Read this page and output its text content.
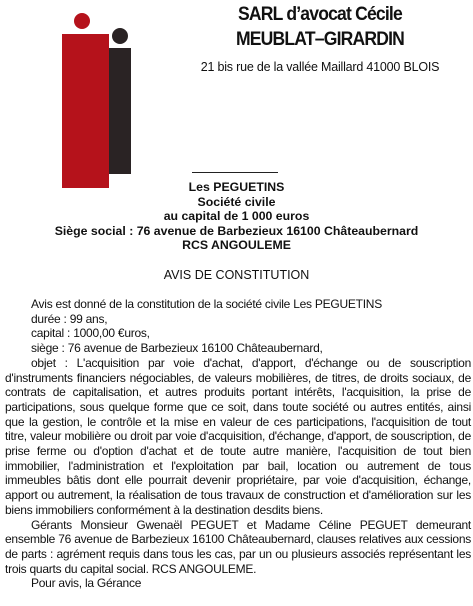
SARL d’avocat Cécile
MEUBLAT–GIRARDIN
21 bis rue de la vallée Maillard 41000 BLOIS
Les PEGUETINS
Société civile
au capital de 1 000 euros
Siège social : 76 avenue de Barbezieux 16100 Châteaubernard
RCS ANGOULEME
AVIS DE CONSTITUTION

Avis est donné de la constitution de la société civile Les PEGUETINS

durée : 99 ans,

capital : 1000,00 €uros,

siège : 76 avenue de Barbezieux 16100 Châteaubernard,

objet : L'acquisition par voie d'achat, d'apport, d'échange ou de souscription d'instruments financiers négociables, de valeurs mobilières, de titres, de droits sociaux, de contrats de capitalisation, et autres produits portant intérêts, l'acquisition, la prise de participations, sous quelque forme que ce soit, dans toute société ou autres entités, ainsi que la gestion, le contrôle et la mise en valeur de ces participations, l'acquisition de tout titre, valeur mobilière ou droit par voie d'acquisition, d'échange, d'apport, de souscription, de prise ferme ou d'option d'achat et de toute autre manière, l'acquisition de tout bien immobilier, l'administration et l'exploitation par bail, location ou autrement de tous immeubles bâtis dont elle pourrait devenir propriétaire, par voie d'acquisition, échange, apport ou autrement, la réalisation de tous travaux de construction et d'amélioration sur les biens immobiliers conformément à la destination desdits biens.

Gérants Monsieur Gwenaël PEGUET et Madame Céline PEGUET demeurant ensemble 76 avenue de Barbezieux 16100 Châteaubernard, clauses relatives aux cessions de parts : agrément requis dans tous les cas, par un ou plusieurs associés représentant les trois quarts du capital social. RCS ANGOULEME.

Pour avis, la Gérance
